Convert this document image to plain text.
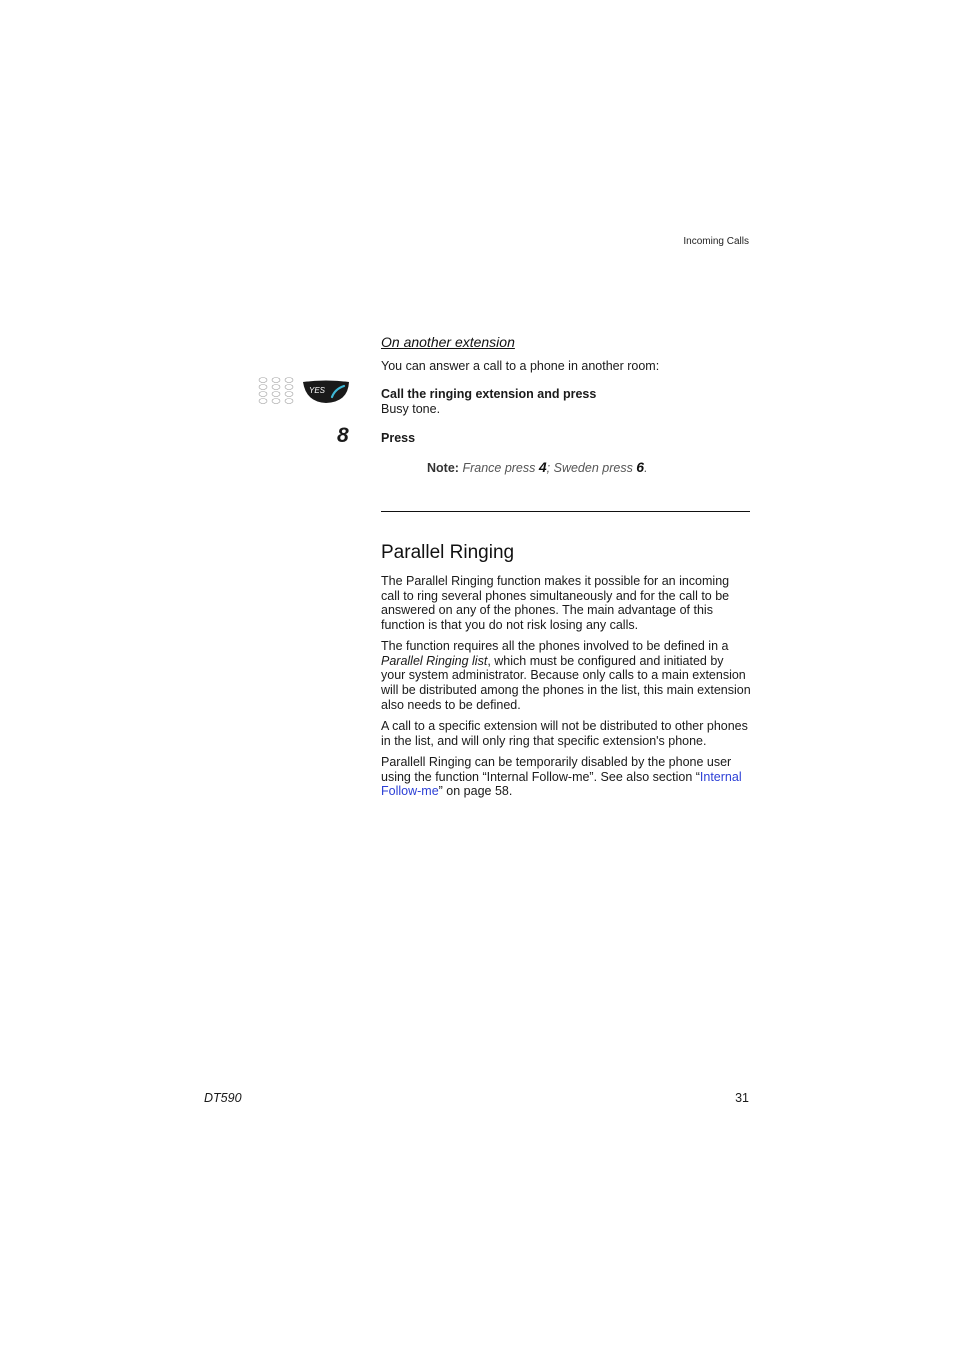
Incoming Calls
On another extension
You can answer a call to a phone in another room:
YES	Call the ringing extension and press
Busy tone.
8	Press
Note: France press 4; Sweden press 6.
Parallel Ringing

The Parallel Ringing function makes it possible for an incoming call to ring several phones simultaneously and for the call to be answered on any of the phones. The main advantage of this function is that you do not risk losing any calls.

The function requires all the phones involved to be defined in a Parallel Ringing list, which must be configured and initiated by your system administrator. Because only calls to a main extension will be distributed among the phones in the list, this main extension also needs to be defined.

A call to a specific extension will not be distributed to other phones in the list, and will only ring that specific extension's phone.

Parallell Ringing can be temporarily disabled by the phone user using the function “Internal Follow-me”. See also section “Internal Follow-me” on page 58.

DT590	31
